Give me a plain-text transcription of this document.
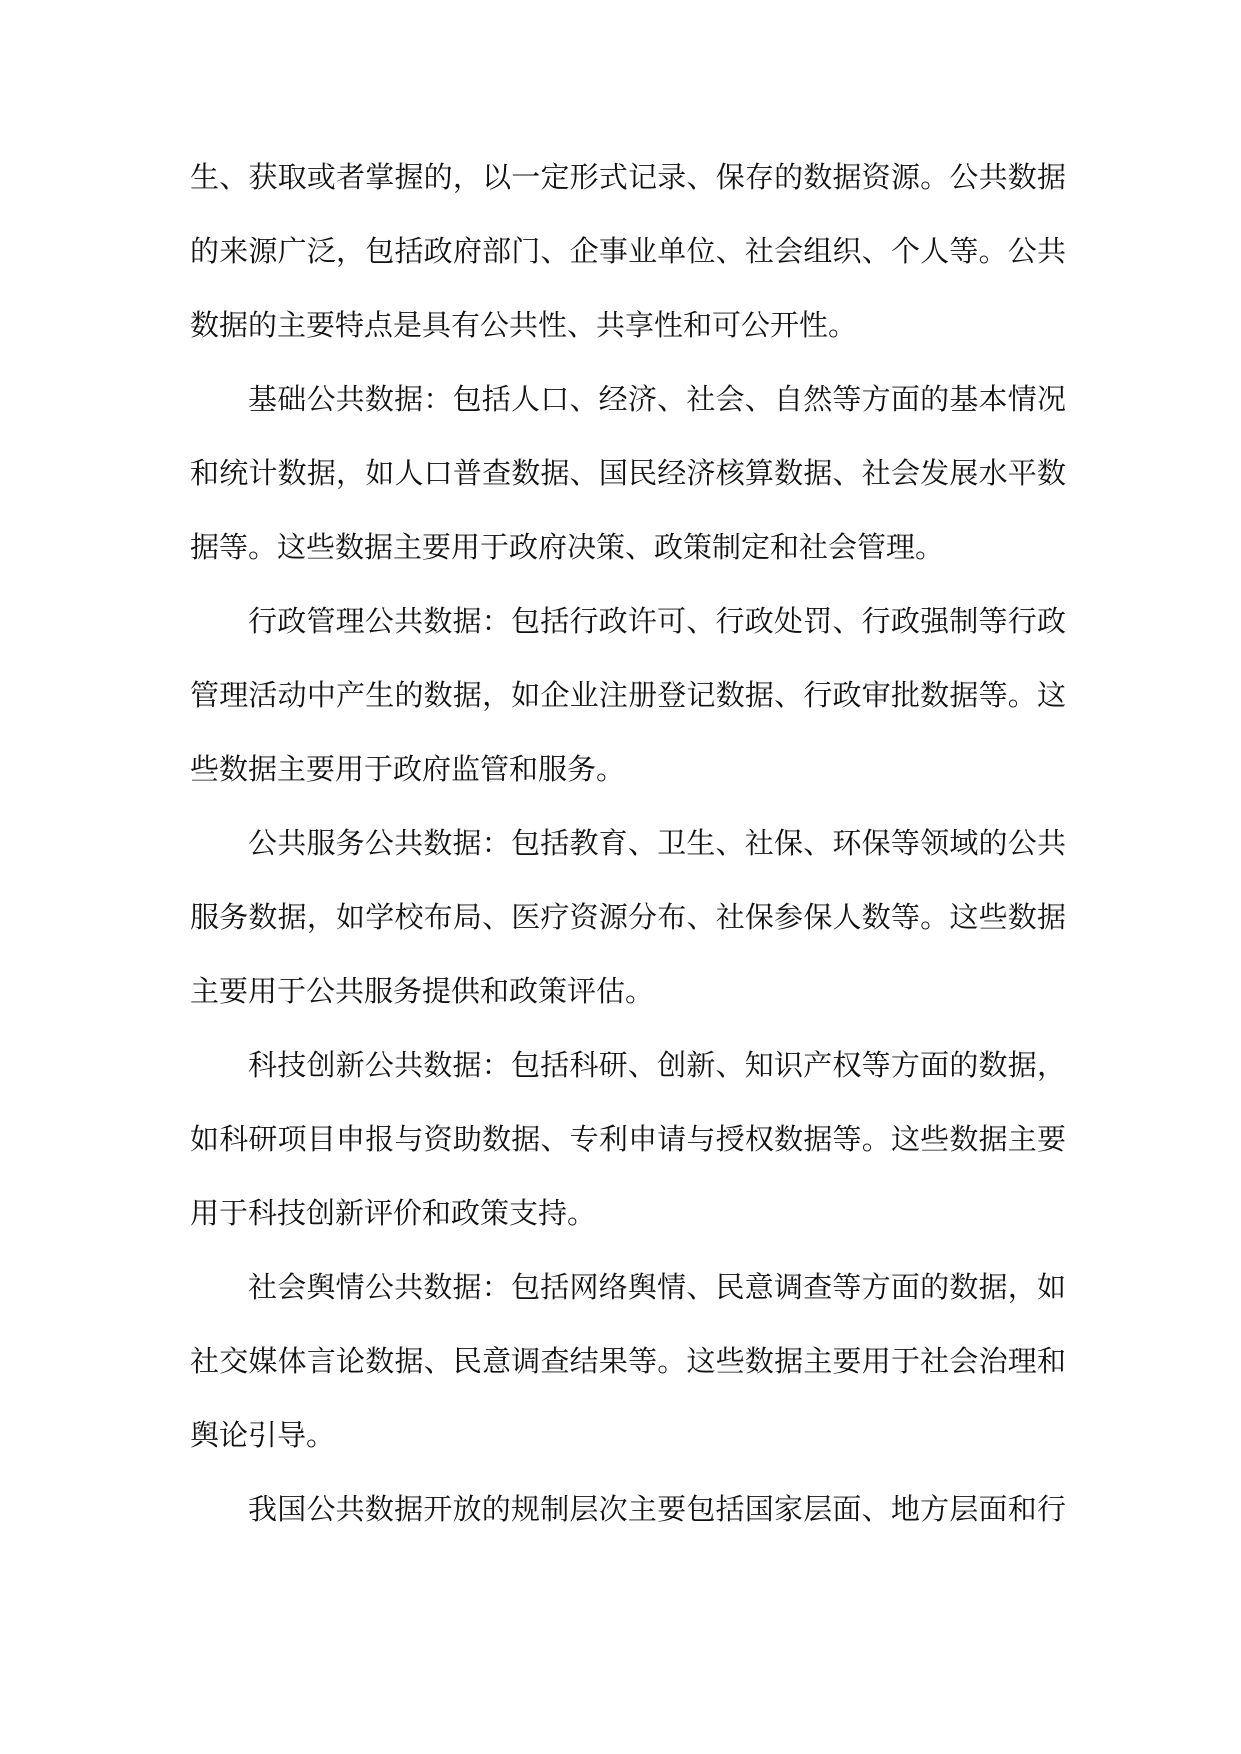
生、获取或者掌握的，以一定形式记录、保存的数据资源。公共数据
的来源广泛，包括政府部门、企事业单位、社会组织、个人等。公共
数据的主要特点是具有公共性、共享性和可公开性。
基础公共数据：包括人口、经济、社会、自然等方面的基本情况
和统计数据，如人口普查数据、国民经济核算数据、社会发展水平数
据等。这些数据主要用于政府决策、政策制定和社会管理。
行政管理公共数据：包括行政许可、行政处罚、行政强制等行政
管理活动中产生的数据，如企业注册登记数据、行政审批数据等。这
些数据主要用于政府监管和服务。
公共服务公共数据：包括教育、卫生、社保、环保等领域的公共
服务数据，如学校布局、医疗资源分布、社保参保人数等。这些数据
主要用于公共服务提供和政策评估。
科技创新公共数据：包括科研、创新、知识产权等方面的数据，
如科研项目申报与资助数据、专利申请与授权数据等。这些数据主要
用于科技创新评价和政策支持。
社会舆情公共数据：包括网络舆情、民意调查等方面的数据，如
社交媒体言论数据、民意调查结果等。这些数据主要用于社会治理和
舆论引导。
我国公共数据开放的规制层次主要包括国家层面、地方层面和行
